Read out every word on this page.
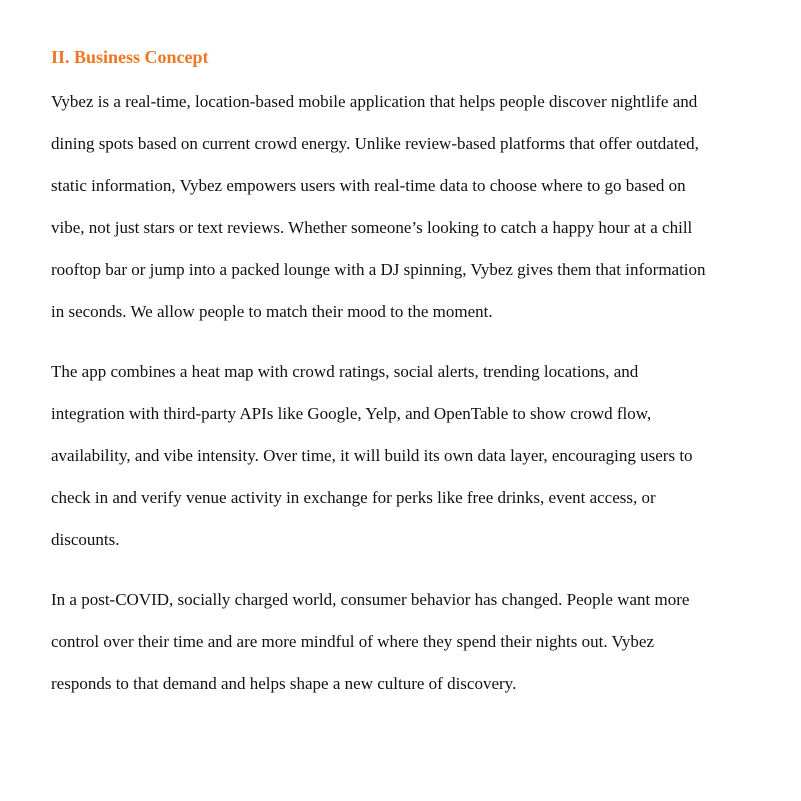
II. Business Concept

Vybez is a real-time, location-based mobile application that helps people discover nightlife and
dining spots based on current crowd energy. Unlike review-based platforms that offer outdated,
static information, Vybez empowers users with real-time data to choose where to go based on
vibe, not just stars or text reviews. Whether someone’s looking to catch a happy hour at a chill
rooftop bar or jump into a packed lounge with a DJ spinning, Vybez gives them that information
in seconds. We allow people to match their mood to the moment.

The app combines a heat map with crowd ratings, social alerts, trending locations, and
integration with third-party APIs like Google, Yelp, and OpenTable to show crowd flow,
availability, and vibe intensity. Over time, it will build its own data layer, encouraging users to
check in and verify venue activity in exchange for perks like free drinks, event access, or
discounts.

In a post-COVID, socially charged world, consumer behavior has changed. People want more
control over their time and are more mindful of where they spend their nights out. Vybez
responds to that demand and helps shape a new culture of discovery.
